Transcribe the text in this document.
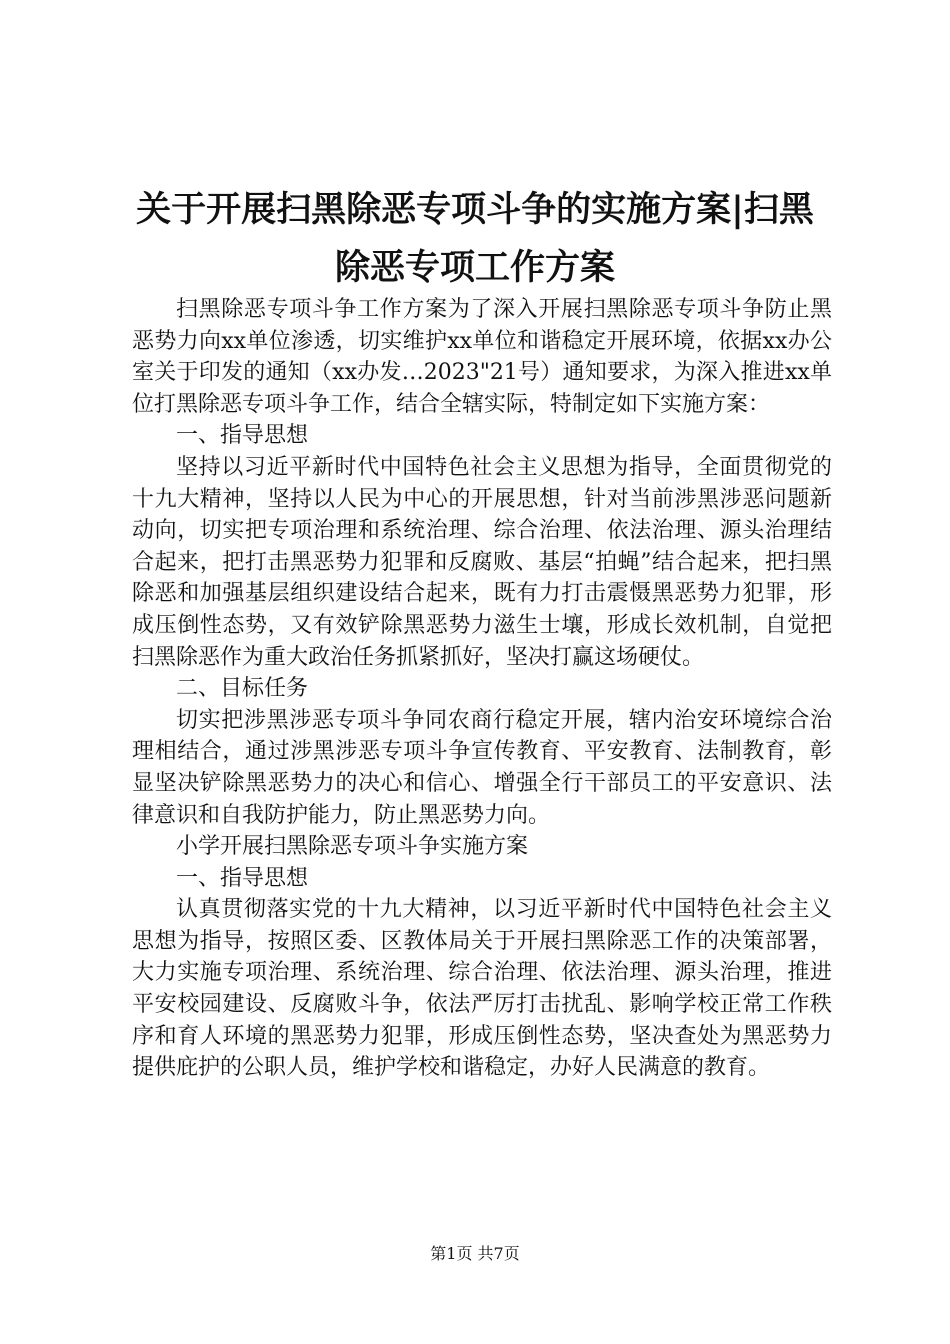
关于开展扫黑除恶专项斗争的实施方案|扫黑
除恶专项工作方案

扫黑除恶专项斗争工作方案为了深入开展扫黑除恶专项斗争防止黑恶势力向xx单位渗透，切实维护xx单位和谐稳定开展环境，依据xx办公室关于印发的通知（xx办发…2023"21号）通知要求，为深入推进xx单位打黑除恶专项斗争工作，结合全辖实际，特制定如下实施方案：

一、指导思想

坚持以习近平新时代中国特色社会主义思想为指导，全面贯彻党的十九大精神，坚持以人民为中心的开展思想，针对当前涉黑涉恶问题新动向，切实把专项治理和系统治理、综合治理、依法治理、源头治理结合起来，把打击黑恶势力犯罪和反腐败、基层“拍蝇”结合起来，把扫黑除恶和加强基层组织建设结合起来，既有力打击震慑黑恶势力犯罪，形成压倒性态势，又有效铲除黑恶势力滋生士壤，形成长效机制，自觉把扫黑除恶作为重大政治任务抓紧抓好，坚决打赢这场硬仗。

二、目标任务

切实把涉黑涉恶专项斗争同农商行稳定开展，辖内治安环境综合治理相结合，通过涉黑涉恶专项斗争宣传教育、平安教育、法制教育，彰显坚决铲除黑恶势力的决心和信心、增强全行干部员工的平安意识、法律意识和自我防护能力，防止黑恶势力向。

小学开展扫黑除恶专项斗争实施方案

一、指导思想

认真贯彻落实党的十九大精神，以习近平新时代中国特色社会主义思想为指导，按照区委、区教体局关于开展扫黑除恶工作的决策部署，大力实施专项治理、系统治理、综合治理、依法治理、源头治理，推进平安校园建设、反腐败斗争，依法严厉打击扰乱、影响学校正常工作秩序和育人环境的黑恶势力犯罪，形成压倒性态势，坚决查处为黑恶势力提供庇护的公职人员，维护学校和谐稳定，办好人民满意的教育。

第1页 共7页
